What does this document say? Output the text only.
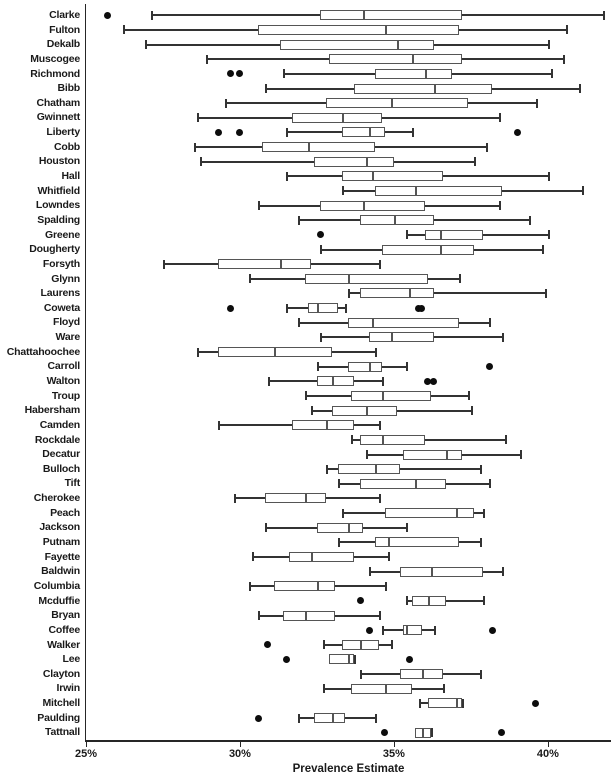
Clarke
Fulton
Dekalb
Muscogee
Richmond
Bibb
Chatham
Gwinnett
Liberty
Cobb
Houston
Hall
Whitfield
Lowndes
Spalding
Greene
Dougherty
Forsyth
Glynn
Laurens
Coweta
Floyd
Ware
Chattahoochee
Carroll
Walton
Troup
Habersham
Camden
Rockdale
Decatur
Bulloch
Tift
Cherokee
Peach
Jackson
Putnam
Fayette
Baldwin
Columbia
Mcduffie
Bryan
Coffee
Walker
Lee
Clayton
Irwin
Mitchell
Paulding
Tattnall
25%	30%	35%	40%
Prevalence Estimate
